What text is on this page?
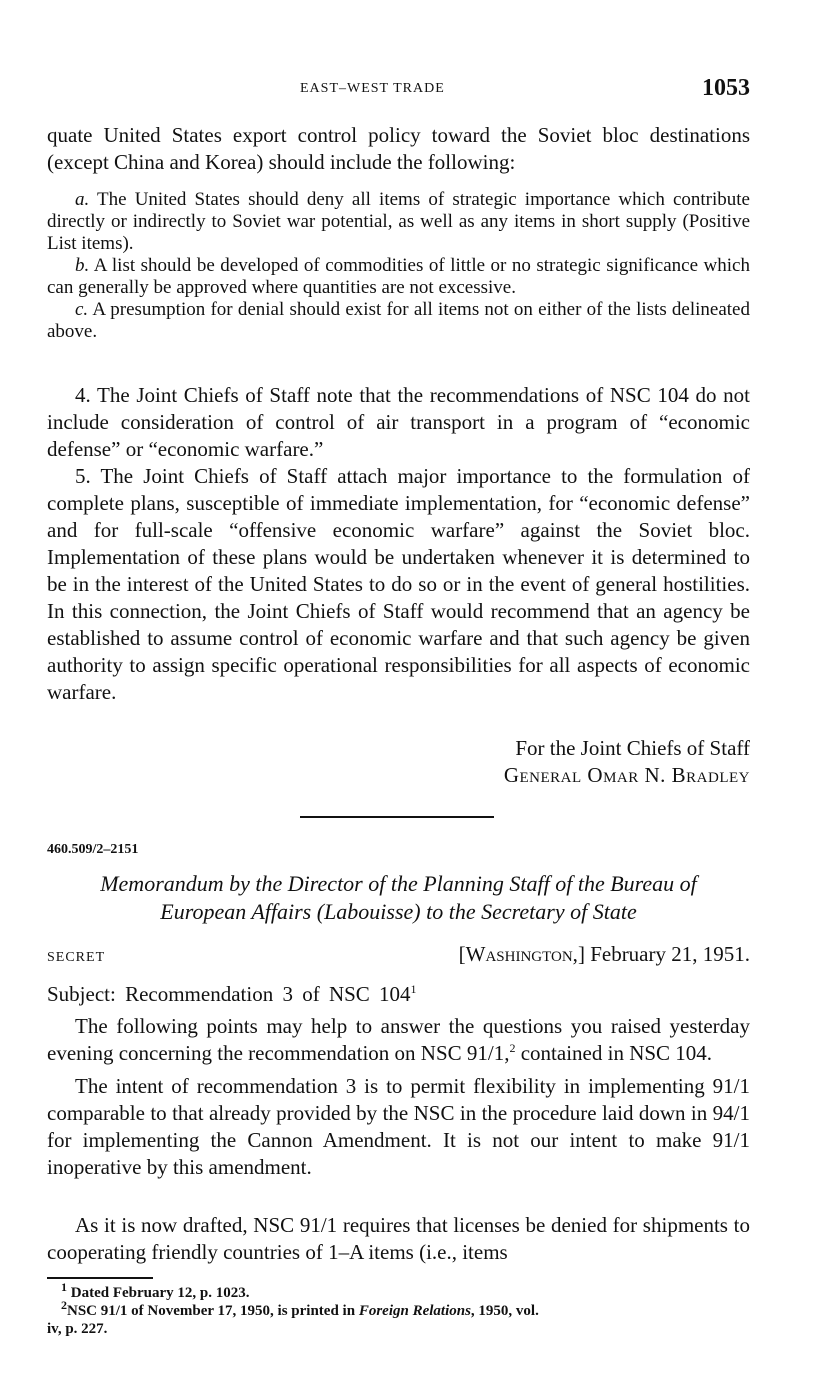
EAST–WEST TRADE	1053

quate United States export control policy toward the Soviet bloc destinations (except China and Korea) should include the following:

a. The United States should deny all items of strategic importance which contribute directly or indirectly to Soviet war potential, as well as any items in short supply (Positive List items).

b. A list should be developed of commodities of little or no strategic significance which can generally be approved where quantities are not excessive.

c. A presumption for denial should exist for all items not on either of the lists delineated above.

4. The Joint Chiefs of Staff note that the recommendations of NSC 104 do not include consideration of control of air transport in a program of “economic defense” or “economic warfare.”

5. The Joint Chiefs of Staff attach major importance to the formulation of complete plans, susceptible of immediate implementation, for “economic defense” and for full-scale “offensive economic warfare” against the Soviet bloc. Implementation of these plans would be undertaken whenever it is determined to be in the interest of the United States to do so or in the event of general hostilities. In this connection, the Joint Chiefs of Staff would recommend that an agency be established to assume control of economic warfare and that such agency be given authority to assign specific operational responsibilities for all aspects of economic warfare.

For the Joint Chiefs of Staff
General Omar N. Bradley
460.509/2–2151
Memorandum by the Director of the Planning Staff of the Bureau of
European Affairs (Labouisse) to the Secretary of State
SECRET	[Washington,] February 21, 1951.
Subject: Recommendation 3 of NSC $104^1$

The following points may help to answer the questions you raised yesterday evening concerning the recommendation on NSC 91/1,$^2$ contained in NSC 104.

The intent of recommendation 3 is to permit flexibility in implementing 91/1 comparable to that already provided by the NSC in the procedure laid down in 94/1 for implementing the Cannon Amendment. It is not our intent to make 91/1 inoperative by this amendment.

As it is now drafted, NSC 91/1 requires that licenses be denied for shipments to cooperating friendly countries of 1–A items (i.e., items

$^1$ Dated February 12, p. 1023.

$^2$NSC 91/1 of November 17, 1950, is printed in Foreign Relations, 1950, vol.

iv, p. 227.
